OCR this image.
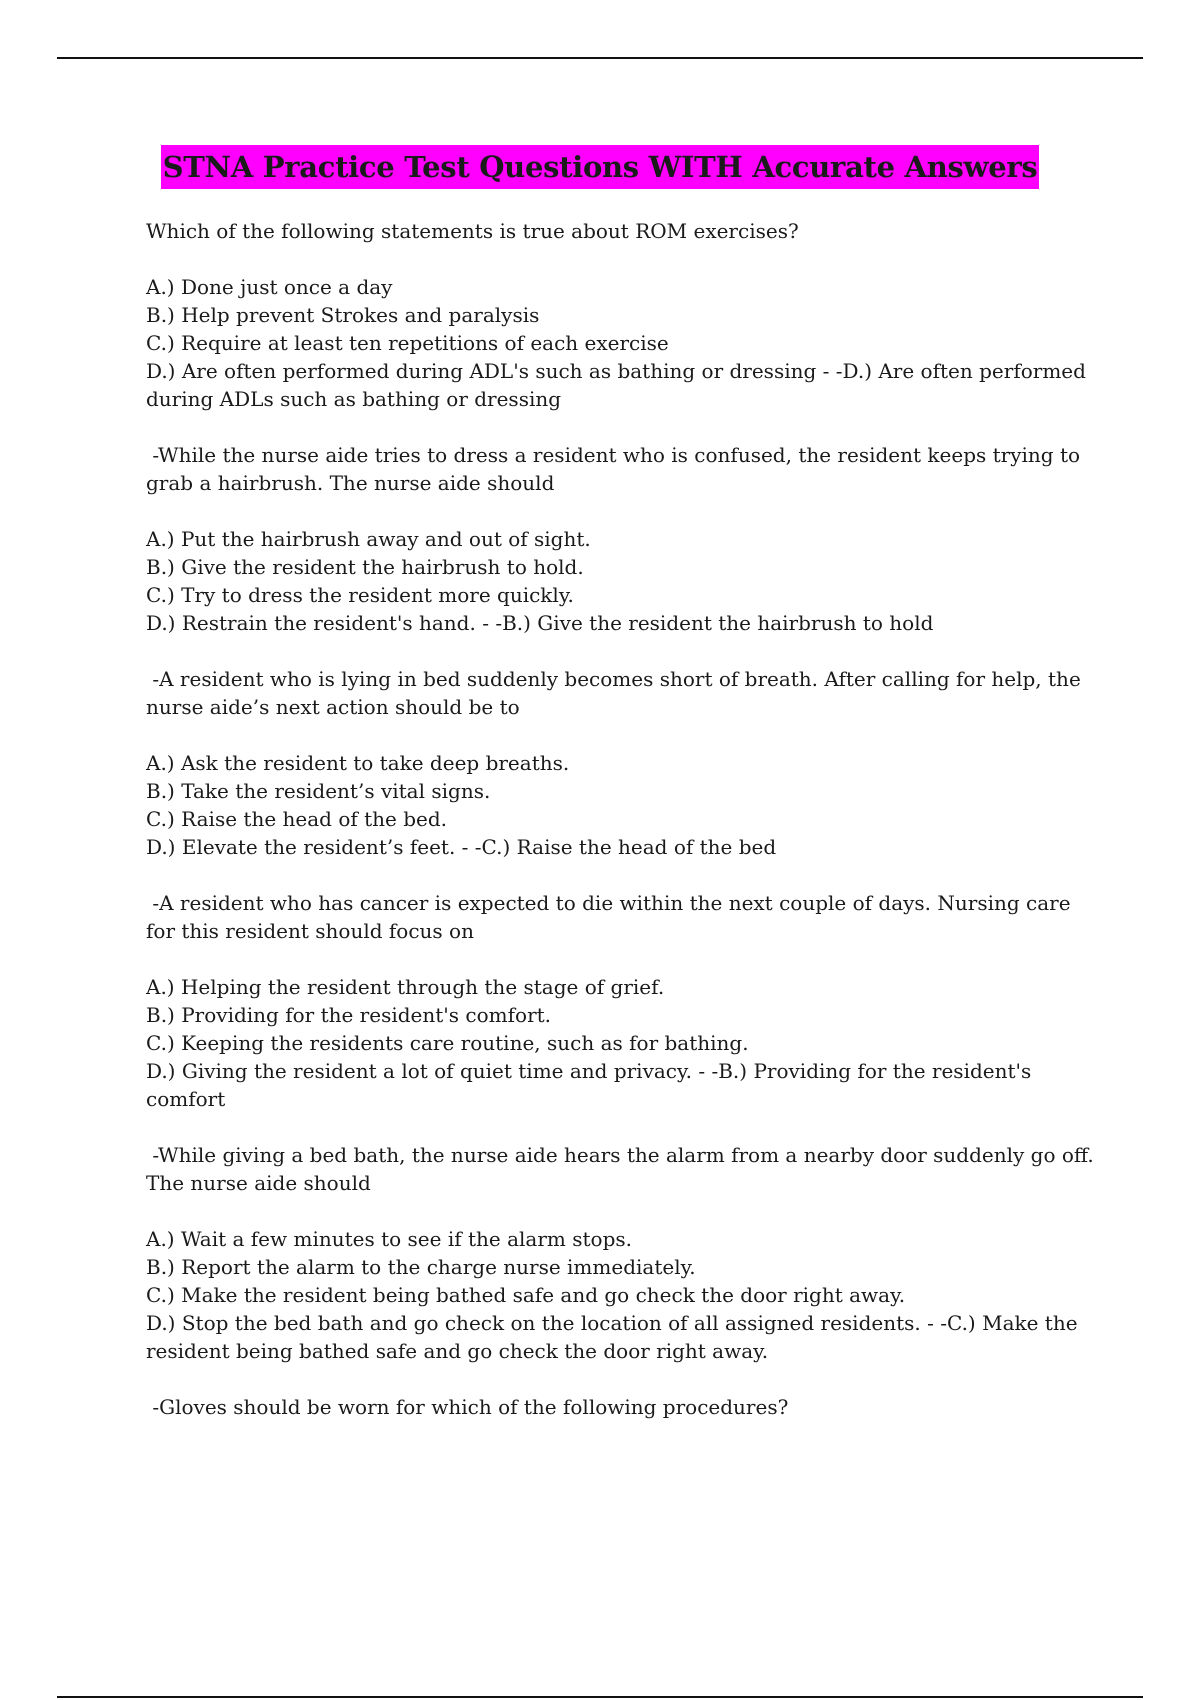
STNA Practice Test Questions WITH Accurate Answers

Which of the following statements is true about ROM exercises?

A.) Done just once a day
B.) Help prevent Strokes and paralysis
C.) Require at least ten repetitions of each exercise
D.) Are often performed during ADL's such as bathing or dressing - -D.) Are often performed during ADLs such as bathing or dressing

-While the nurse aide tries to dress a resident who is confused, the resident keeps trying to grab a hairbrush. The nurse aide should

A.) Put the hairbrush away and out of sight.
B.) Give the resident the hairbrush to hold.
C.) Try to dress the resident more quickly.
D.) Restrain the resident's hand. - -B.) Give the resident the hairbrush to hold

-A resident who is lying in bed suddenly becomes short of breath. After calling for help, the nurse aide’s next action should be to

A.) Ask the resident to take deep breaths.
B.) Take the resident’s vital signs.
C.) Raise the head of the bed.
D.) Elevate the resident’s feet. - -C.) Raise the head of the bed

-A resident who has cancer is expected to die within the next couple of days. Nursing care for this resident should focus on

A.) Helping the resident through the stage of grief.
B.) Providing for the resident's comfort.
C.) Keeping the residents care routine, such as for bathing.
D.) Giving the resident a lot of quiet time and privacy. - -B.) Providing for the resident's comfort

-While giving a bed bath, the nurse aide hears the alarm from a nearby door suddenly go off. The nurse aide should

A.) Wait a few minutes to see if the alarm stops.
B.) Report the alarm to the charge nurse immediately.
C.) Make the resident being bathed safe and go check the door right away.
D.) Stop the bed bath and go check on the location of all assigned residents. - -C.) Make the resident being bathed safe and go check the door right away.

-Gloves should be worn for which of the following procedures?
